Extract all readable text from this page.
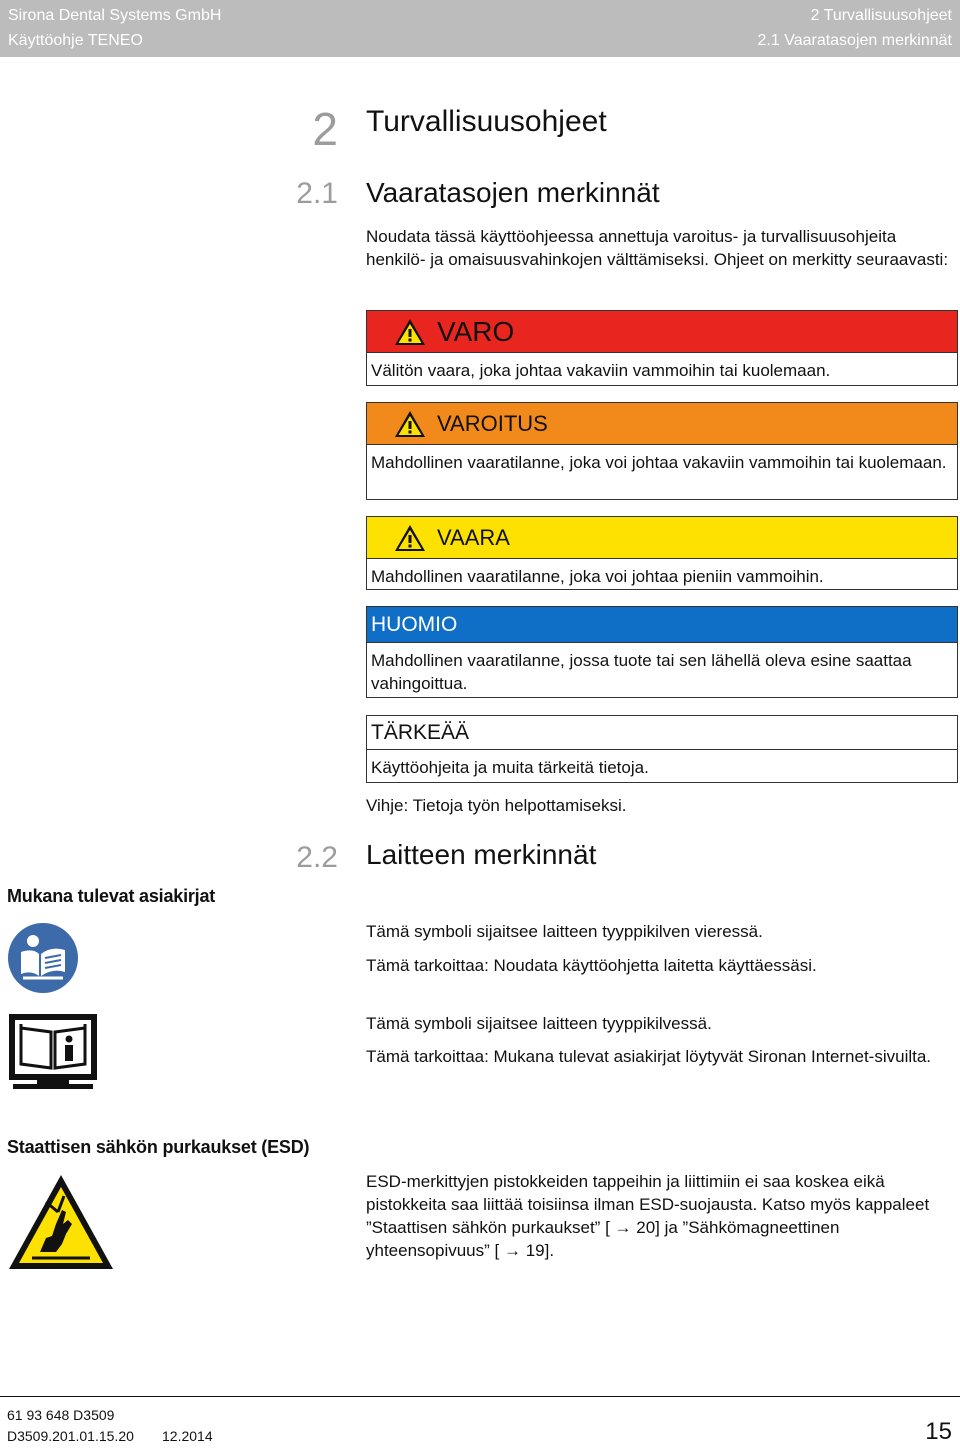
Sirona Dental Systems GmbH
Käyttöohje TENEO
2 Turvallisuusohjeet
2.1 Vaaratasojen merkinnät
2 Turvallisuusohjeet
2.1 Vaaratasojen merkinnät
Noudata tässä käyttöohjeessa annettuja varoitus- ja turvallisuusohjeita henkilö- ja omaisuusvahinkojen välttämiseksi. Ohjeet on merkitty seuraavasti:
VARO
Välitön vaara, joka johtaa vakaviin vammoihin tai kuolemaan.
VAROITUS
Mahdollinen vaaratilanne, joka voi johtaa vakaviin vammoihin tai kuolemaan.
VAARA
Mahdollinen vaaratilanne, joka voi johtaa pieniin vammoihin.
HUOMIO
Mahdollinen vaaratilanne, jossa tuote tai sen lähellä oleva esine saattaa vahingoittua.
TÄRKEÄÄ
Käyttöohjeita ja muita tärkeitä tietoja.
Vihje: Tietoja työn helpottamiseksi.
2.2 Laitteen merkinnät
Mukana tulevat asiakirjat
Tämä symboli sijaitsee laitteen tyyppikilven vieressä.
Tämä tarkoittaa: Noudata käyttöohjetta laitetta käyttäessäsi.
Tämä symboli sijaitsee laitteen tyyppikilvessä.
Tämä tarkoittaa: Mukana tulevat asiakirjat löytyvät Sironan Internet-sivuilta.
Staattisen sähkön purkaukset (ESD)
ESD-merkittyjen pistokkeiden tappeihin ja liittimiin ei saa koskea eikä pistokkeita saa liittää toisiinsa ilman ESD-suojausta. Katso myös kappaleet ”Staattisen sähkön purkaukset” [ → 20] ja ”Sähkömagneettinen yhteensopivuus” [ → 19].
61 93 648 D3509
D3509.201.01.15.20 12.2014	15
